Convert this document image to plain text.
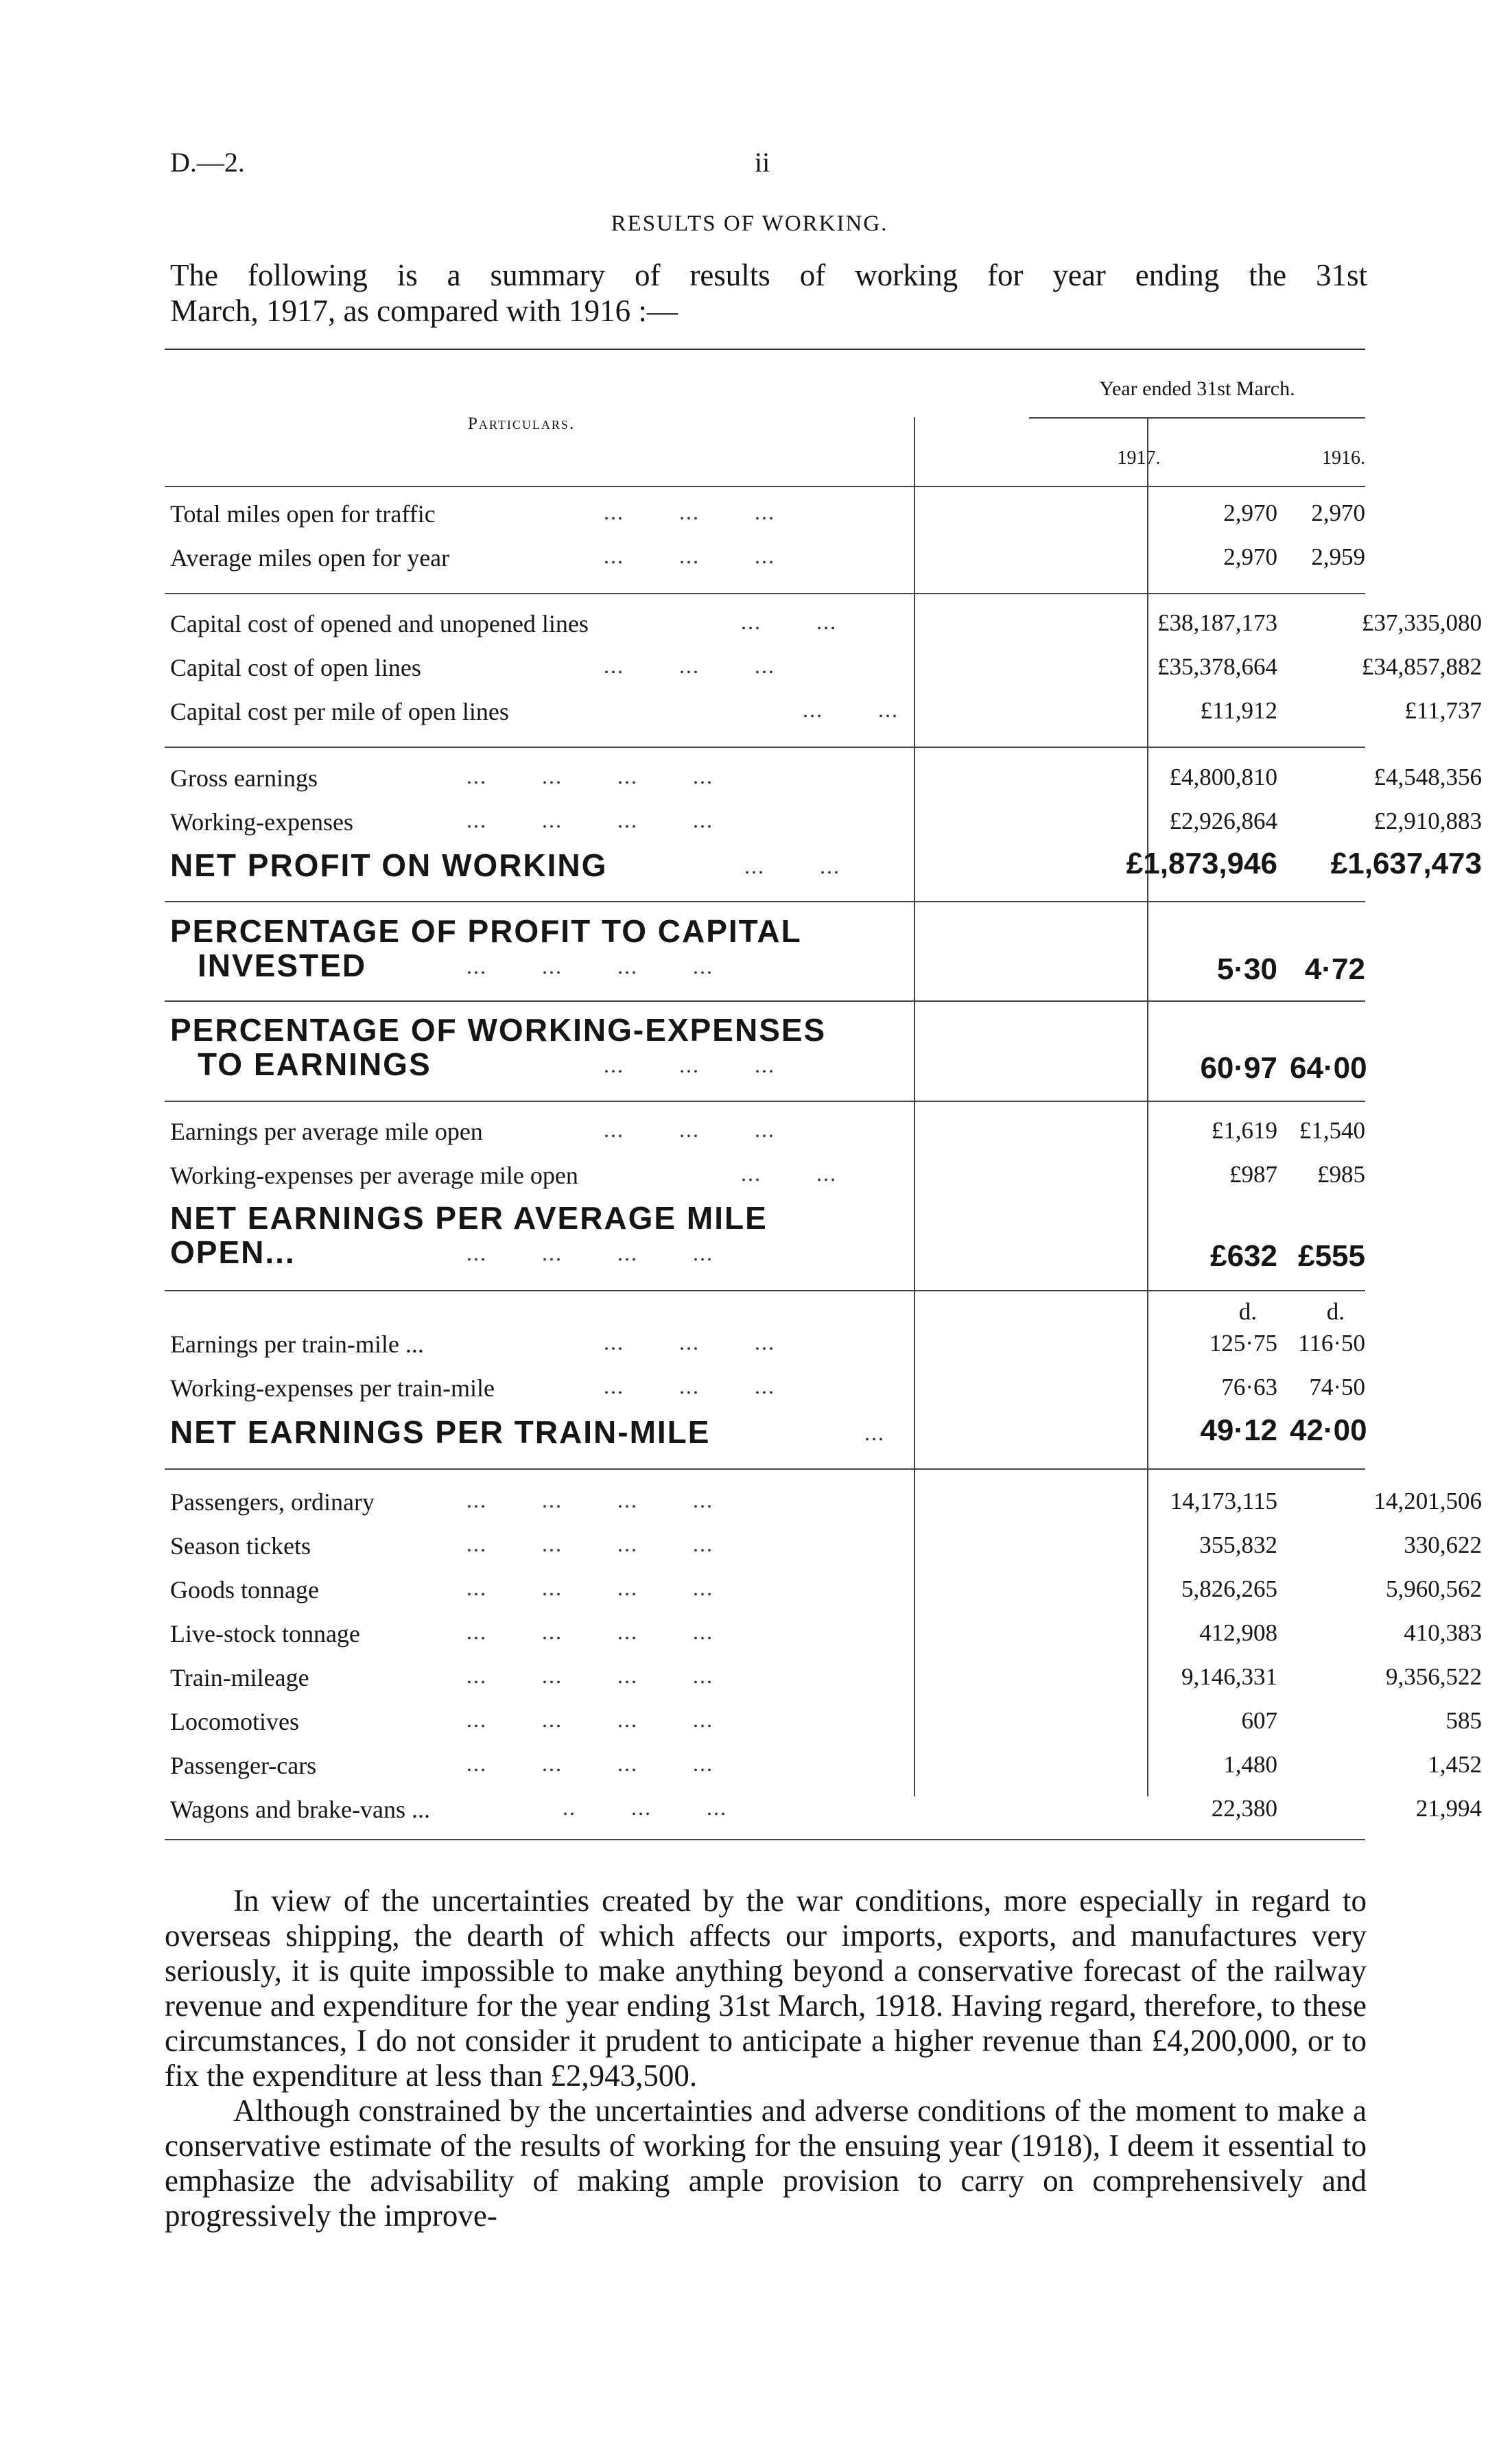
D.—2.	ii
RESULTS OF WORKING.
The following is a summary of results of working for year ending the 31st
March, 1917, as compared with 1916 :—
Particulars.
Year ended 31st March.
1917.	1916.
Total miles open for traffic	...        ...        ...	2,970	2,970
Average miles open for year	...        ...        ...	2,970	2,959
Capital cost of opened and unopened lines	...        ...	£38,187,173	£37,335,080
Capital cost of open lines	...        ...        ...	£35,378,664	£34,857,882
Capital cost per mile of open lines	...        ...	£11,912	£11,737
Gross earnings	...        ...        ...        ...	£4,800,810	£4,548,356
Working-expenses	...        ...        ...        ...	£2,926,864	£2,910,883
NET PROFIT ON WORKING	...        ...	£1,873,946	£1,637,473
PERCENTAGE OF PROFIT TO CAPITAL
INVESTED	...        ...        ...        ...	5·30 4·72
PERCENTAGE OF WORKING-EXPENSES
TO EARNINGS	...        ...        ...	60·97 64·00
Earnings per average mile open	...        ...        ...	£1,619 £1,540
Working-expenses per average mile open	...        ...	£987	£985
NET EARNINGS PER AVERAGE MILE
OPEN...	...        ...        ...        ...	£632 £555
d.	d.
Earnings per train-mile ...	...        ...        ...	125·75 116·50
Working-expenses per train-mile	...        ...        ...	76·63	74·50
NET EARNINGS PER TRAIN-MILE	...	49·12 42·00
Passengers, ordinary	...        ...        ...        ...	14,173,115	14,201,506
Season tickets	...        ...        ...        ...	355,832	330,622
Goods tonnage	...        ...        ...        ...	5,826,265	5,960,562
Live-stock tonnage	...        ...        ...        ...	412,908	410,383
Train-mileage	...        ...        ...        ...	9,146,331	9,356,522
Locomotives	...        ...        ...        ...	607	585
Passenger-cars	...        ...        ...        ...	1,480	1,452
Wagons and brake-vans ...	..        ...        ...	22,380	21,994

In view of the uncertainties created by the war conditions, more especially in regard to overseas shipping, the dearth of which affects our imports, exports, and manufactures very seriously, it is quite impossible to make anything beyond a conservative forecast of the railway revenue and expenditure for the year ending 31st March, 1918. Having regard, therefore, to these circumstances, I do not consider it prudent to anticipate a higher revenue than £4,200,000, or to fix the expenditure at less than £2,943,500.

Although constrained by the uncertainties and adverse conditions of the moment to make a conservative estimate of the results of working for the ensuing year (1918), I deem it essential to emphasize the advisability of making ample provision to carry on comprehensively and progressively the improve-
